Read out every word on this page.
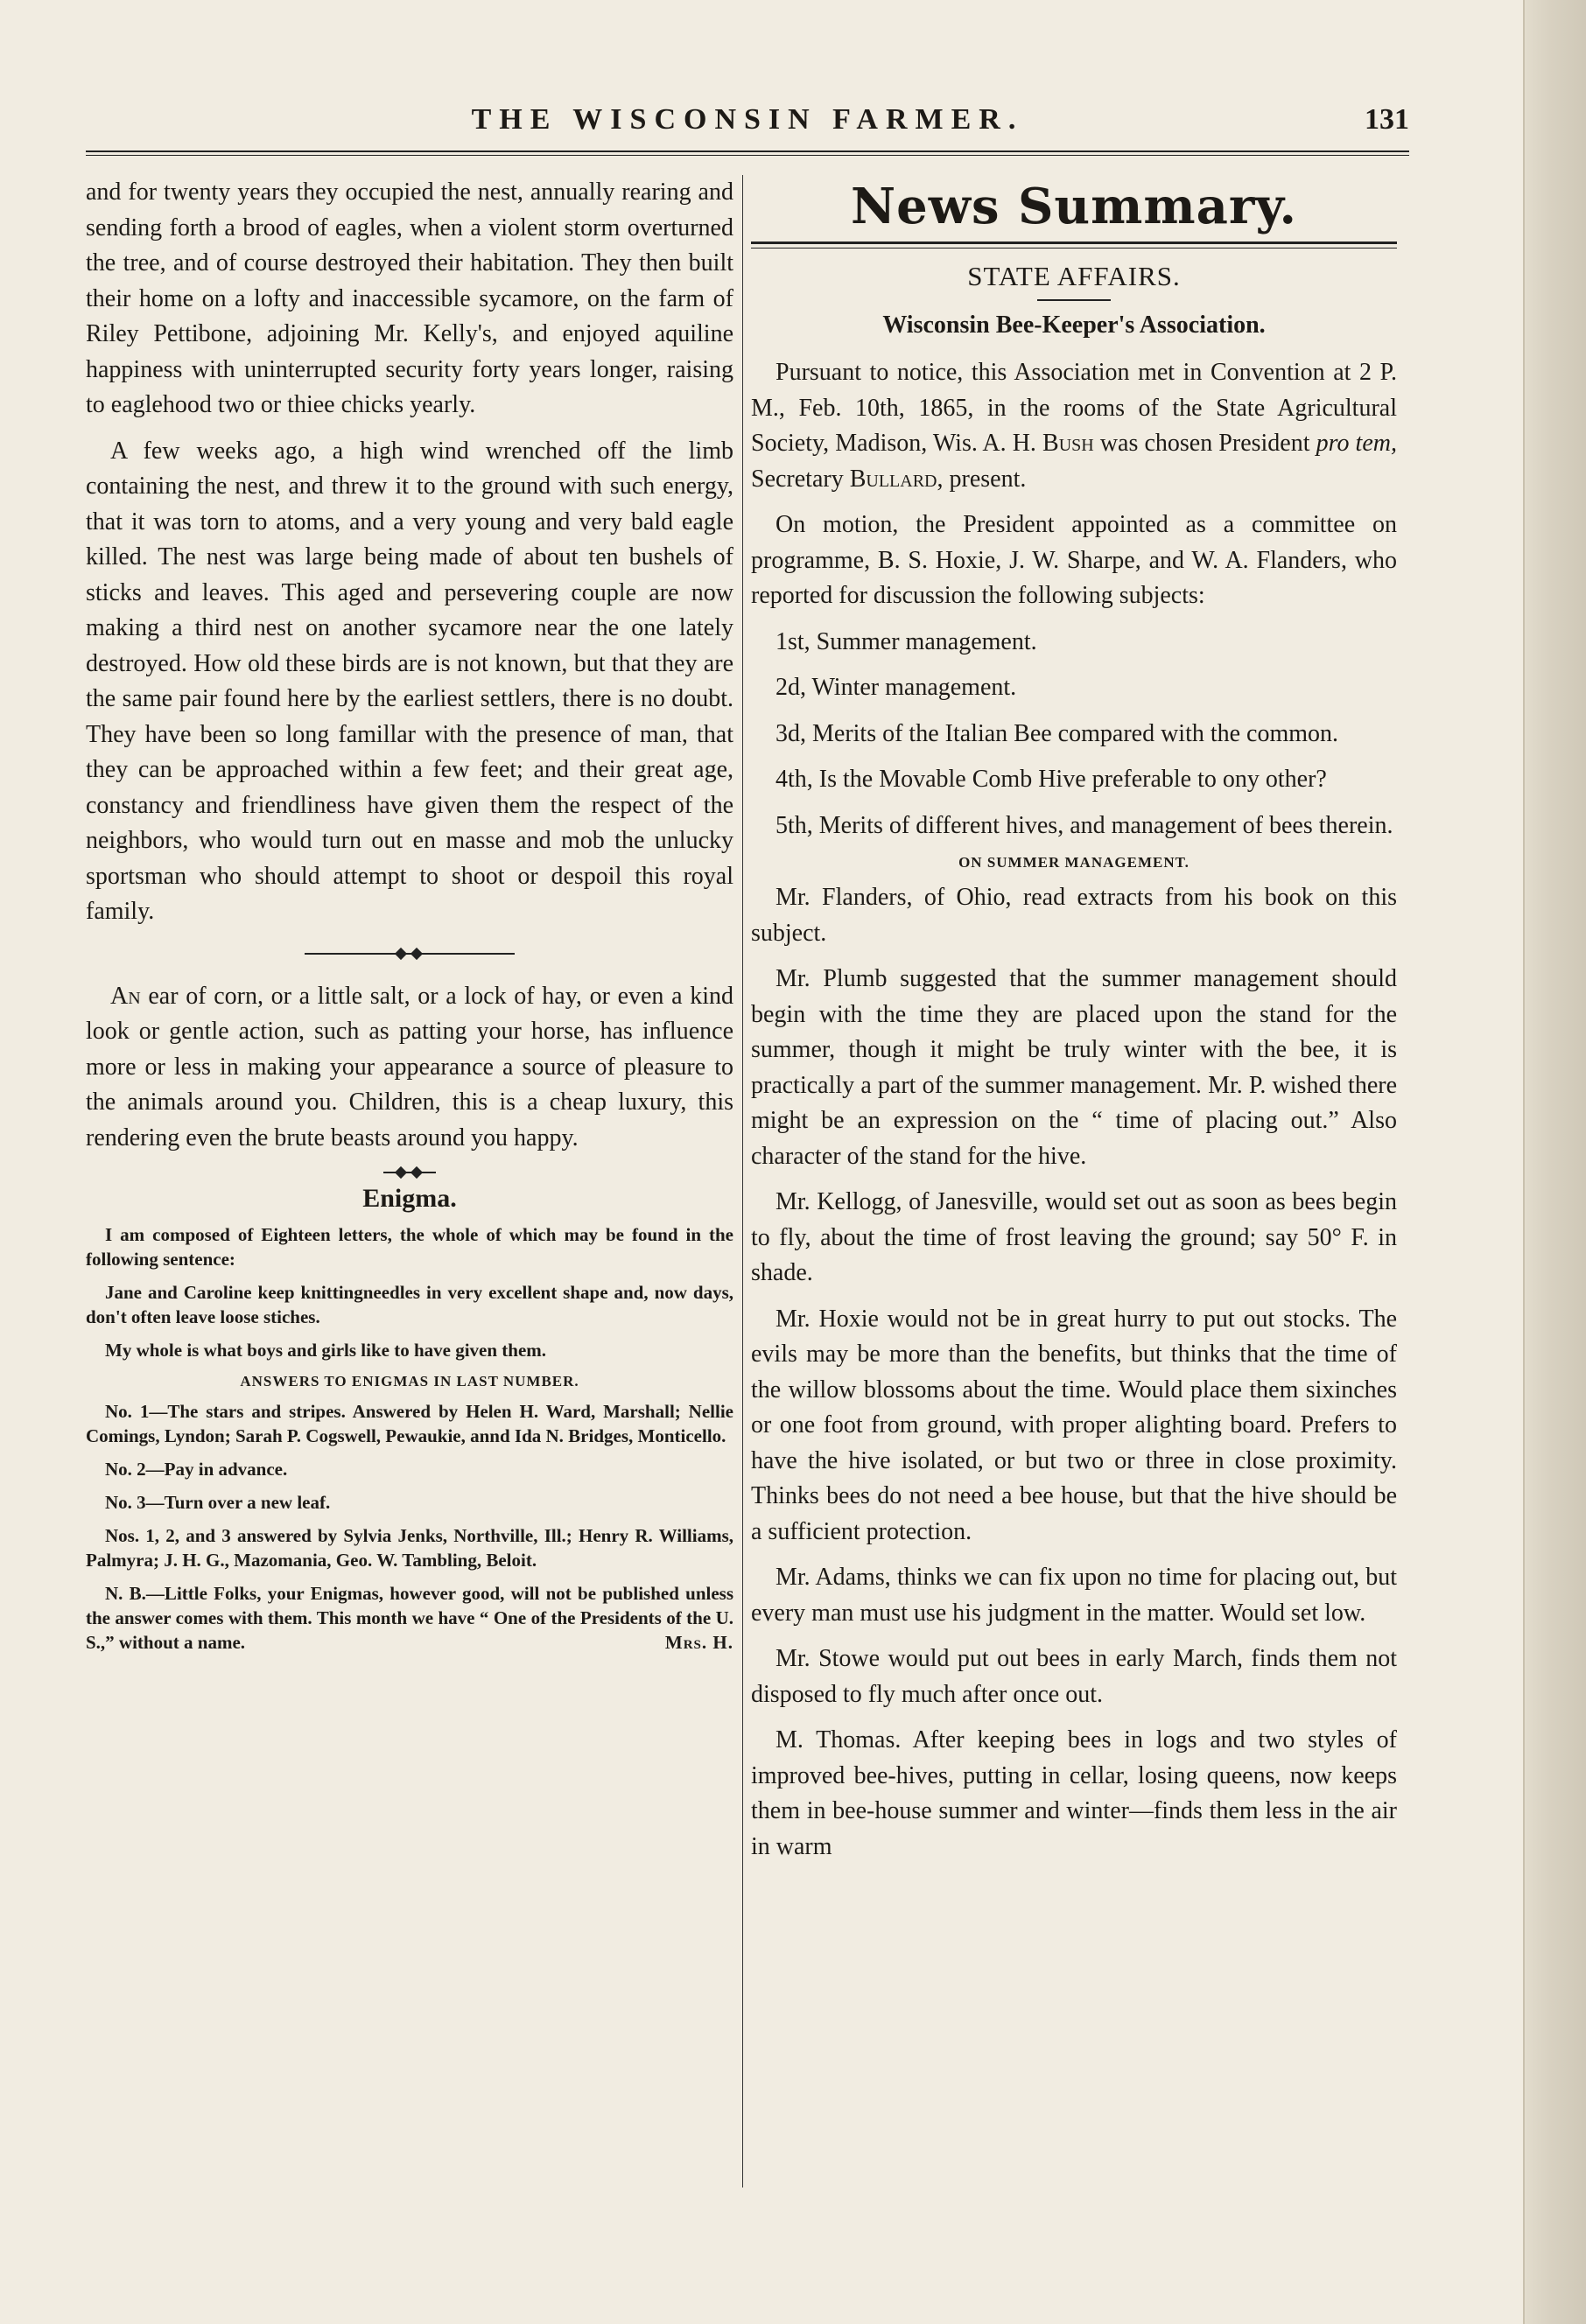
THE WISCONSIN FARMER.	131

and for twenty years they occupied the nest, annually rearing and sending forth a brood of eagles, when a violent storm overturned the tree, and of course destroyed their habitation. They then built their home on a lofty and inaccessible sycamore, on the farm of Riley Pettibone, adjoining Mr. Kelly's, and enjoyed aquiline happiness with uninterrupted security forty years longer, raising to eaglehood two or thiee chicks yearly.

A few weeks ago, a high wind wrenched off the limb containing the nest, and threw it to the ground with such energy, that it was torn to atoms, and a very young and very bald eagle killed. The nest was large being made of about ten bushels of sticks and leaves. This aged and persevering couple are now making a third nest on another sycamore near the one lately destroyed. How old these birds are is not known, but that they are the same pair found here by the earliest settlers, there is no doubt. They have been so long famillar with the presence of man, that they can be approached within a few feet; and their great age, constancy and friendliness have given them the respect of the neighbors, who would turn out en masse and mob the unlucky sportsman who should attempt to shoot or despoil this royal family.

An ear of corn, or a little salt, or a lock of hay, or even a kind look or gentle action, such as patting your horse, has influence more or less in making your appearance a source of pleasure to the animals around you. Children, this is a cheap luxury, this rendering even the brute beasts around you happy.

Enigma.

I am composed of Eighteen letters, the whole of which may be found in the following sentence:

Jane and Caroline keep knittingneedles in very excellent shape and, now days, don't often leave loose stiches.

My whole is what boys and girls like to have given them.

ANSWERS TO ENIGMAS IN LAST NUMBER.

No. 1—The stars and stripes. Answered by Helen H. Ward, Marshall; Nellie Comings, Lyndon; Sarah P. Cogswell, Pewaukie, annd Ida N. Bridges, Monticello.

No. 2—Pay in advance.

No. 3—Turn over a new leaf.

Nos. 1, 2, and 3 answered by Sylvia Jenks, Northville, Ill.; Henry R. Williams, Palmyra; J. H. G., Mazomania, Geo. W. Tambling, Beloit.

N. B.—Little Folks, your Enigmas, however good, will not be published unless the answer comes with them. This month we have “ One of the Presidents of the U. S.,” without a name.	Mrs. H.

News Summary.
STATE AFFAIRS.
Wisconsin Bee-Keeper's Association.

Pursuant to notice, this Association met in Convention at 2 P. M., Feb. 10th, 1865, in the rooms of the State Agricultural Society, Madison, Wis. A. H. Bush was chosen President pro tem, Secretary Bullard, present.

On motion, the President appointed as a committee on programme, B. S. Hoxie, J. W. Sharpe, and W. A. Flanders, who reported for discussion the following subjects:

1st, Summer management.

2d, Winter management.

3d, Merits of the Italian Bee compared with the common.

4th, Is the Movable Comb Hive preferable to ony other?

5th, Merits of different hives, and management of bees therein.

ON SUMMER MANAGEMENT.

Mr. Flanders, of Ohio, read extracts from his book on this subject.

Mr. Plumb suggested that the summer management should begin with the time they are placed upon the stand for the summer, though it might be truly winter with the bee, it is practically a part of the summer management. Mr. P. wished there might be an expression on the “ time of placing out.” Also character of the stand for the hive.

Mr. Kellogg, of Janesville, would set out as soon as bees begin to fly, about the time of frost leaving the ground; say 50° F. in shade.

Mr. Hoxie would not be in great hurry to put out stocks. The evils may be more than the benefits, but thinks that the time of the willow blossoms about the time. Would place them sixinches or one foot from ground, with proper alighting board. Prefers to have the hive isolated, or but two or three in close proximity. Thinks bees do not need a bee house, but that the hive should be a sufficient protection.

Mr. Adams, thinks we can fix upon no time for placing out, but every man must use his judgment in the matter. Would set low.

Mr. Stowe would put out bees in early March, finds them not disposed to fly much after once out.

M. Thomas. After keeping bees in logs and two styles of improved bee-hives, putting in cellar, losing queens, now keeps them in bee-house summer and winter—finds them less in the air in warm
